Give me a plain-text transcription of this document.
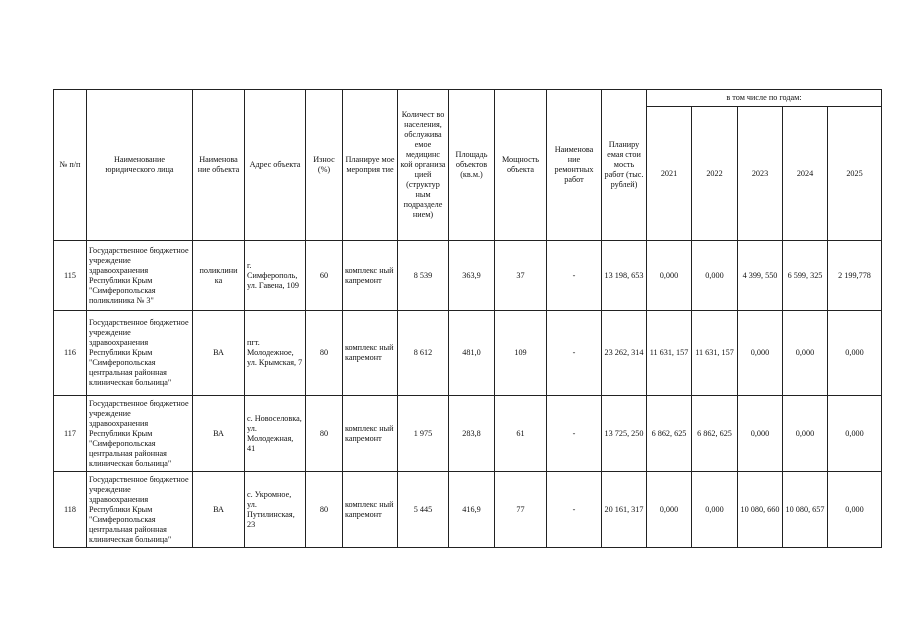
№ п/п	Наименование юридического лица	Наименова ние объекта	Адрес объекта	Износ (%)	Планируе мое мероприя тие	Количест во населения, обслужива емое медицинс кой организа цией (структур ным подразделе нием)	Площадь объектов (кв.м.)	Мощность объекта	Наименова ние ремонтных работ	Планиру емая стои мость работ (тыс. рублей)	в том числе по годам:				
											2021	2022	2023	2024	2025
115	Государственное бюджетное учреждение здравоохранения Республики Крым "Симферопольская поликлиника № 3"	поликлини ка	г. Симферополь, ул. Гавена, 109	60	комплекс ный капремонт	8 539	363,9	37	-	13 198, 653	0,000	0,000	4 399, 550	6 599, 325	2 199,778
116	Государственное бюджетное учреждение здравоохранения Республики Крым "Симферопольская центральная районная клиническая больница"	ВА	пгт. Молодежное, ул. Крымская, 7	80	комплекс ный капремонт	8 612	481,0	109	-	23 262, 314	11 631, 157	11 631, 157	0,000	0,000	0,000
117	Государственное бюджетное учреждение здравоохранения Республики Крым "Симферопольская центральная районная клиническая больница"	ВА	с. Новоселовка, ул. Молодежная, 41	80	комплекс ный капремонт	1 975	283,8	61	-	13 725, 250	6 862, 625	6 862, 625	0,000	0,000	0,000
118	Государственное бюджетное учреждение здравоохранения Республики Крым "Симферопольская центральная районная клиническая больница"	ВА	с. Укромное, ул. Путилинская, 23	80	комплекс ный капремонт	5 445	416,9	77	-	20 161, 317	0,000	0,000	10 080, 660	10 080, 657	0,000
